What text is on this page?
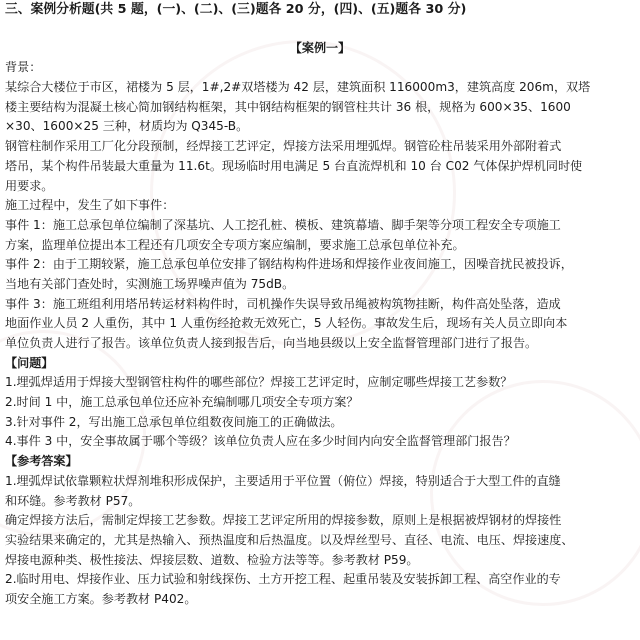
三、案例分析题(共 5 题，(一)、(二)、(三)题各 20 分，(四)、(五)题各 30 分)
【案例一】
背景：
某综合大楼位于市区，裙楼为 5 层，1#,2#双塔楼为 42 层，建筑面积 116000m3，建筑高度 206m，双塔
楼主要结构为混凝土核心简加钢结构框架，其中钢结构框架的钢管柱共计 36 根，规格为 600×35、1600
×30、1600×25 三种，材质均为 Q345-B。
钢管柱制作采用工厂化分段预制，经焊接工艺评定，焊接方法采用埋弧焊。钢管砼柱吊装采用外部附着式
塔吊，某个构件吊装最大重量为 11.6t。现场临时用电满足 5 台直流焊机和 10 台 C02 气体保护焊机同时使
用要求。
施工过程中，发生了如下事件：
事件 1：施工总承包单位编制了深基坑、人工挖孔桩、模板、建筑幕墙、脚手架等分项工程安全专项施工
方案，监理单位提出本工程还有几项安全专项方案应编制，要求施工总承包单位补充。
事件 2：由于工期较紧，施工总承包单位安排了钢结构构件进场和焊接作业夜间施工，因噪音扰民被投诉，
当地有关部门查处时，实测施工场界噪声值为 75dB。
事件 3：施工班组利用塔吊转运材料构件时，司机操作失误导致吊绳被构筑物挂断，构件高处坠落，造成
地面作业人员 2 人重伤，其中 1 人重伤经抢救无效死亡，5 人轻伤。事故发生后，现场有关人员立即向本
单位负责人进行了报告。该单位负责人接到报告后，向当地县级以上安全监督管理部门进行了报告。
【问题】
1.埋弧焊适用于焊接大型钢管柱构件的哪些部位？焊接工艺评定时，应制定哪些焊接工艺参数？
2.时间 1 中，施工总承包单位还应补充编制哪几项安全专项方案？
3.针对事件 2，写出施工总承包单位组数夜间施工的正确做法。
4.事件 3 中，安全事故属于哪个等级？该单位负责人应在多少时间内向安全监督管理部门报告？
【参考答案】
1.埋弧焊试依靠颗粒状焊剂堆积形成保护，主要适用于平位置（俯位）焊接，特别适合于大型工件的直缝
和环缝。参考教材 P57。
确定焊接方法后，需制定焊接工艺参数。焊接工艺评定所用的焊接参数，原则上是根据被焊钢材的焊接性
实验结果来确定的，尤其是热输入、预热温度和后热温度。以及焊丝型号、直径、电流、电压、焊接速度、
焊接电源种类、极性接法、焊接层数、道数、检验方法等等。参考教材 P59。
2.临时用电、焊接作业、压力试验和射线探伤、土方开挖工程、起重吊装及安装拆卸工程、高空作业的专
项安全施工方案。参考教材 P402。
